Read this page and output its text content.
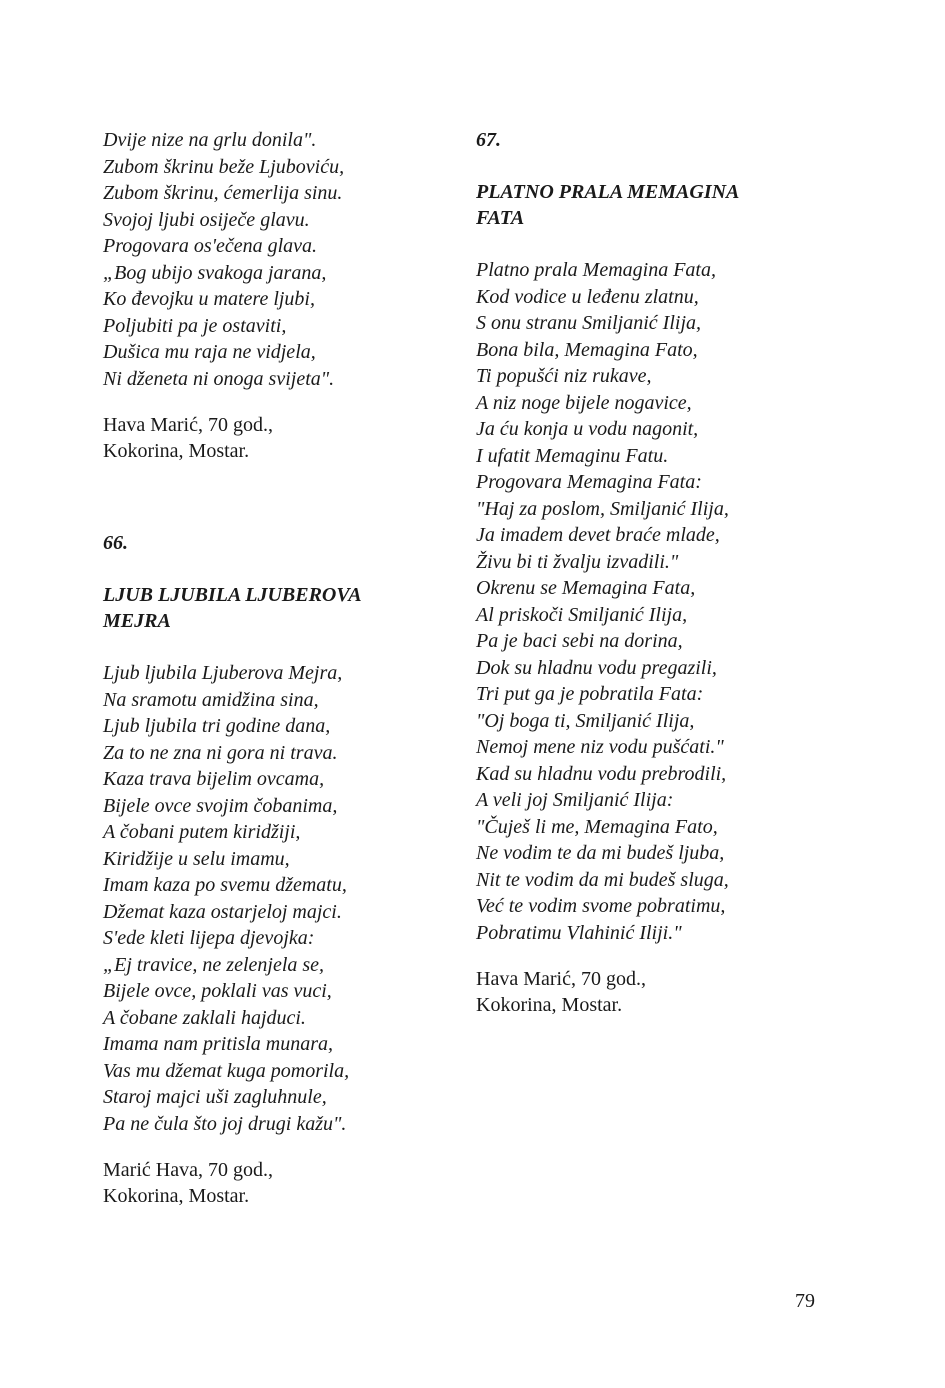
Dvije nize na grlu donila".
Zubom škrinu beže Ljuboviću,
Zubom škrinu, ćemerlija sinu.
Svojoj ljubi osiječe glavu.
Progovara os'ečena glava.
„Bog ubijo svakoga jarana,
Ko đevojku u matere ljubi,
Poljubiti pa je ostaviti,
Dušica mu raja ne vidjela,
Ni dženeta ni onoga svijeta".
Hava Marić, 70 god.,
Kokorina, Mostar.

66.

LJUB LJUBILA LJUBEROVA
MEJRA
Ljub ljubila Ljuberova Mejra,
Na sramotu amidžina sina,
Ljub ljubila tri godine dana,
Za to ne zna ni gora ni trava.
Kaza trava bijelim ovcama,
Bijele ovce svojim čobanima,
A čobani putem kiridžiji,
Kiridžije u selu imamu,
Imam kaza po svemu džematu,
Džemat kaza ostarjeloj majci.
S'ede kleti lijepa djevojka:
„Ej travice, ne zelenjela se,
Bijele ovce, poklali vas vuci,
A čobane zaklali hajduci.
Imama nam pritisla munara,
Vas mu džemat kuga pomorila,
Staroj majci uši zagluhnule,
Pa ne čula što joj drugi kažu".
Marić Hava, 70 god.,
Kokorina, Mostar.

67.

PLATNO PRALA MEMAGINA
FATA
Platno prala Memagina Fata,
Kod vodice u leđenu zlatnu,
S onu stranu Smiljanić Ilija,
Bona bila, Memagina Fato,
Ti popušći niz rukave,
A niz noge bijele nogavice,
Ja ću konja u vodu nagonit,
I ufatit Memaginu Fatu.
Progovara Memagina Fata:
"Haj za poslom, Smiljanić Ilija,
Ja imadem devet braće mlade,
Živu bi ti žvalju izvadili."
Okrenu se Memagina Fata,
Al priskoči Smiljanić Ilija,
Pa je baci sebi na dorina,
Dok su hladnu vodu pregazili,
Tri put ga je pobratila Fata:
"Oj boga ti, Smiljanić Ilija,
Nemoj mene niz vodu pušćati."
Kad su hladnu vodu prebrodili,
A veli joj Smiljanić Ilija:
"Čuješ li me, Memagina Fato,
Ne vodim te da mi budeš ljuba,
Nit te vodim da mi budeš sluga,
Već te vodim svome pobratimu,
Pobratimu Vlahinić Iliji."
Hava Marić, 70 god.,
Kokorina, Mostar.
79
